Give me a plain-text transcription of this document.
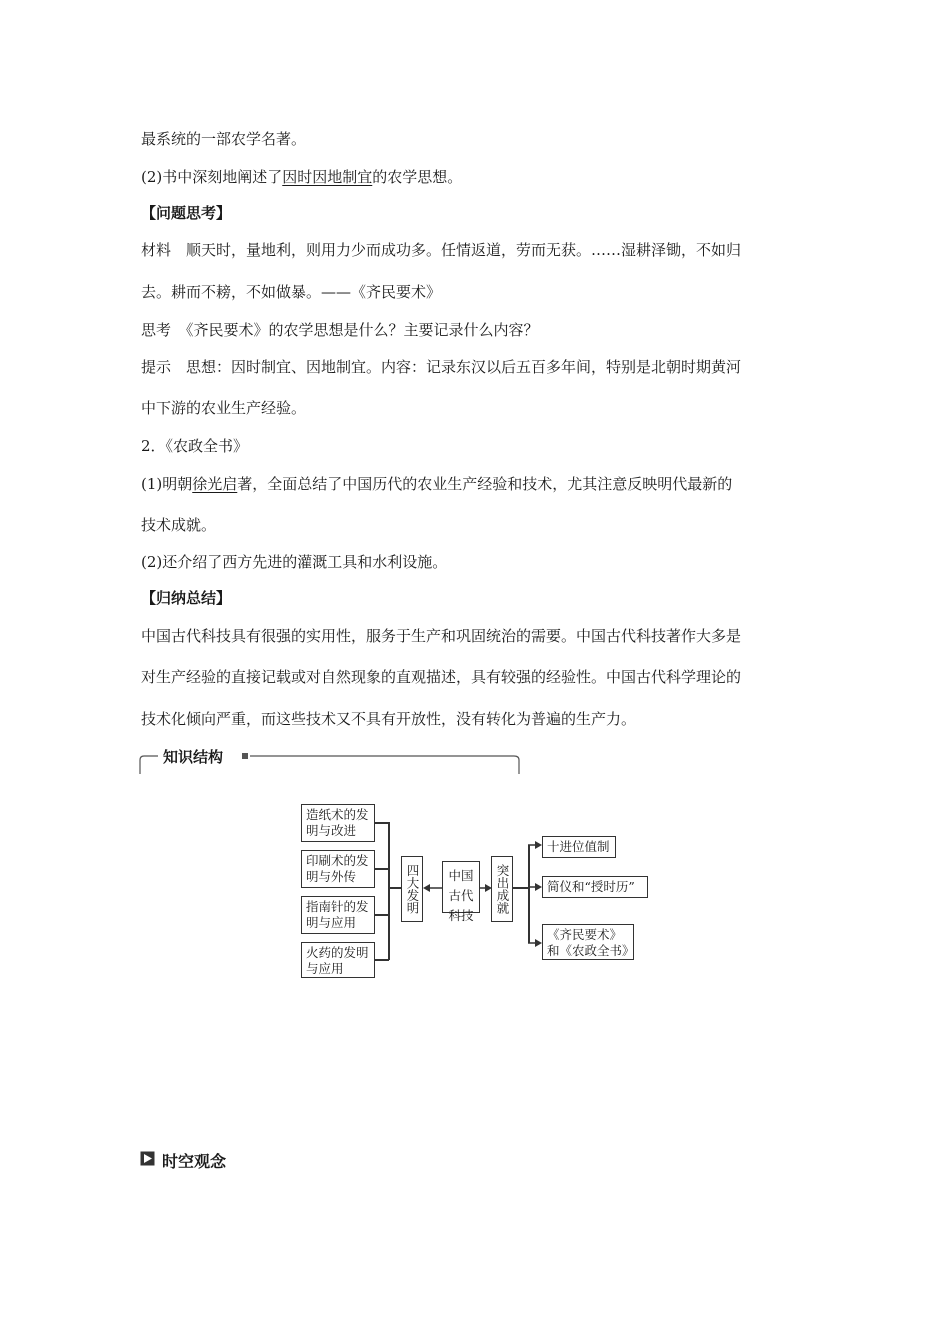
最系统的一部农学名著。
(2)书中深刻地阐述了因时因地制宜的农学思想。
【问题思考】
材料　顺天时，量地利，则用力少而成功多。任情返道，劳而无获。……湿耕泽锄，不如归
去。耕而不耪，不如做暴。——《齐民要术》
思考　《齐民要术》的农学思想是什么？主要记录什么内容？
提示　思想：因时制宜、因地制宜。内容：记录东汉以后五百多年间，特别是北朝时期黄河
中下游的农业生产经验。
2．《农政全书》
(1)明朝徐光启著，全面总结了中国历代的农业生产经验和技术，尤其注意反映明代最新的
技术成就。
(2)还介绍了西方先进的灌溉工具和水利设施。
【归纳总结】
中国古代科技具有很强的实用性，服务于生产和巩固统治的需要。中国古代科技著作大多是
对生产经验的直接记载或对自然现象的直观描述，具有较强的经验性。中国古代科学理论的
技术化倾向严重，而这些技术又不具有开放性，没有转化为普遍的生产力。
知识结构
造纸术的发明与改进
印刷术的发明与外传
指南针的发明与应用
火药的发明与应用
四大发明	中国古代科技
突出成就
十进位值制
简仪和“授时历”
《齐民要术》和《农政全书》
时空观念
